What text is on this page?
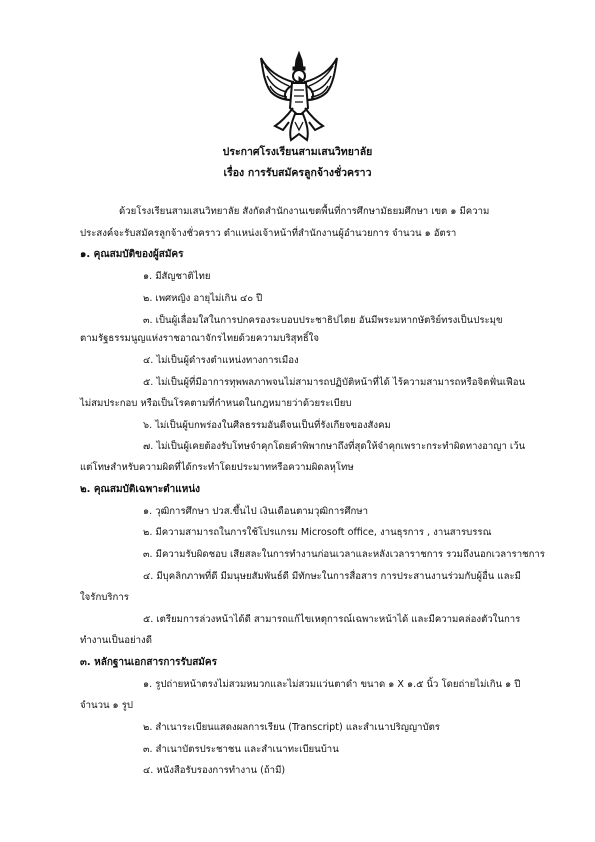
ประกาศโรงเรียนสามเสนวิทยาลัย
เรื่อง การรับสมัครลูกจ้างชั่วคราว
ด้วยโรงเรียนสามเสนวิทยาลัย สังกัดสำนักงานเขตพื้นที่การศึกษามัธยมศึกษา เขต ๑ มีความ
ประสงค์จะรับสมัครลูกจ้างชั่วคราว ตำแหน่งเจ้าหน้าที่สำนักงานผู้อำนวยการ จำนวน ๑ อัตรา
๑. คุณสมบัติของผู้สมัคร
๑. มีสัญชาติไทย
๒. เพศหญิง อายุไม่เกิน ๔๐ ปี
๓. เป็นผู้เลื่อมใสในการปกครองระบอบประชาธิปไตย อันมีพระมหากษัตริย์ทรงเป็นประมุข
ตามรัฐธรรมนูญแห่งราชอาณาจักรไทยด้วยความบริสุทธิ์ใจ
๔. ไม่เป็นผู้ดำรงตำแหน่งทางการเมือง
๕. ไม่เป็นผู้ที่มีอาการทุพพลภาพจนไม่สามารถปฏิบัติหน้าที่ได้ ไร้ความสามารถหรือจิตฟั่นเฟือน
ไม่สมประกอบ หรือเป็นโรคตามที่กำหนดในกฎหมายว่าด้วยระเบียบ
๖. ไม่เป็นผู้บกพร่องในศีลธรรมอันดีจนเป็นที่รังเกียจของสังคม
๗. ไม่เป็นผู้เคยต้องรับโทษจำคุกโดยคำพิพากษาถึงที่สุดให้จำคุกเพราะกระทำผิดทางอาญา เว้น
แต่โทษสำหรับความผิดที่ได้กระทำโดยประมาทหรือความผิดลหุโทษ
๒. คุณสมบัติเฉพาะตำแหน่ง
๑. วุฒิการศึกษา ปวส.ขึ้นไป เงินเดือนตามวุฒิการศึกษา
๒. มีความสามารถในการใช้โปรแกรม Microsoft office, งานธุรการ , งานสารบรรณ
๓. มีความรับผิดชอบ เสียสละในการทำงานก่อนเวลาและหลังเวลาราชการ รวมถึงนอกเวลาราชการ
๔. มีบุคลิกภาพที่ดี มีมนุษยสัมพันธ์ดี มีทักษะในการสื่อสาร การประสานงานร่วมกับผู้อื่น และมี
ใจรักบริการ
๕. เตรียมการล่วงหน้าได้ดี สามารถแก้ไขเหตุการณ์เฉพาะหน้าได้ และมีความคล่องตัวในการ
ทำงานเป็นอย่างดี
๓. หลักฐานเอกสารการรับสมัคร
๑. รูปถ่ายหน้าตรงไม่สวมหมวกและไม่สวมแว่นตาดำ ขนาด ๑ X ๑.๕ นิ้ว โดยถ่ายไม่เกิน ๑ ปี
จำนวน ๑ รูป
๒. สำเนาระเบียนแสดงผลการเรียน (Transcript) และสำเนาปริญญาบัตร
๓. สำเนาบัตรประชาชน และสำเนาทะเบียนบ้าน
๔. หนังสือรับรองการทำงาน (ถ้ามี)
